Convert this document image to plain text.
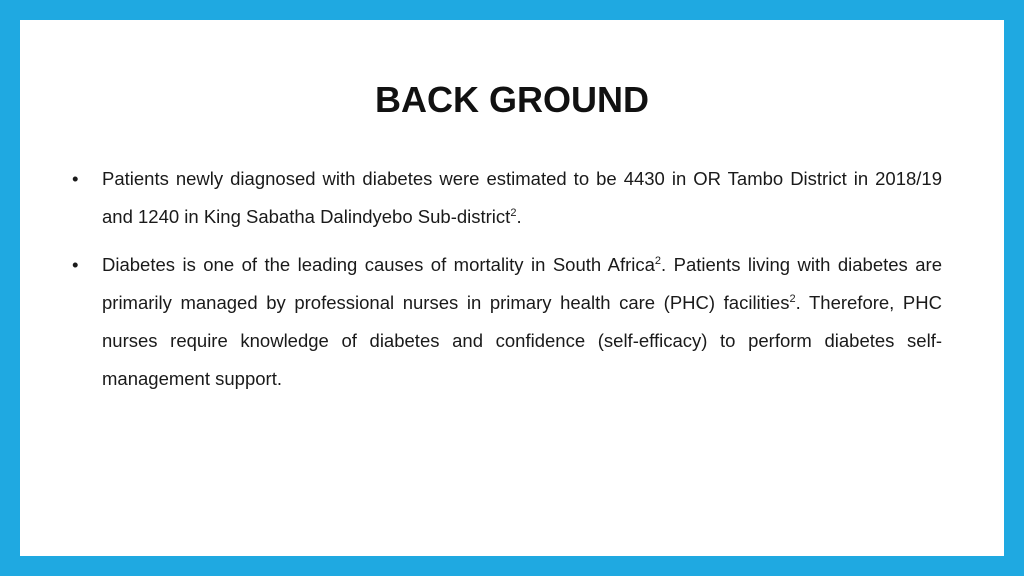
BACK GROUND
•	Patients newly diagnosed with diabetes were estimated to be 4430 in OR Tambo District in 2018/19 and 1240 in King Sabatha Dalindyebo Sub-district$^2$.
•	Diabetes is one of the leading causes of mortality in South Africa$^2$. Patients living with diabetes are primarily managed by professional nurses in primary health care (PHC) facilities$^2$. Therefore, PHC nurses require knowledge of diabetes and confidence (self-efficacy) to perform diabetes self-management support.
